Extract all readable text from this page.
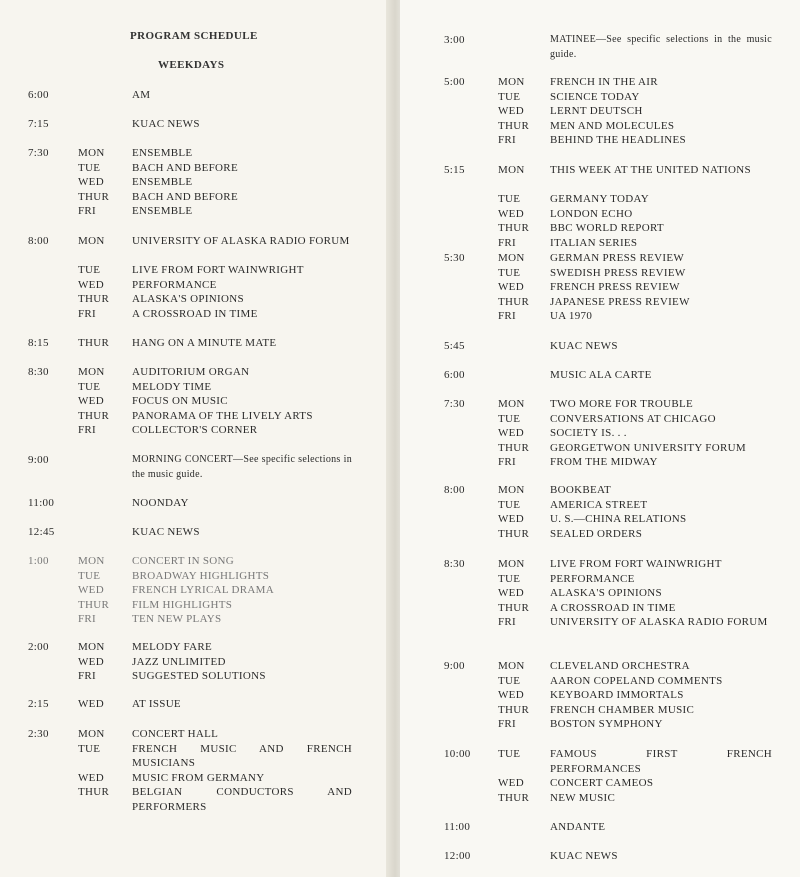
PROGRAM SCHEDULE
WEEKDAYS
6:00	AM
7:15	KUAC NEWS
7:30	MON ENSEMBLE
TUE	BACH AND BEFORE
WED	ENSEMBLE
THUR BACH AND BEFORE
FRI	ENSEMBLE
8:00	MON UNIVERSITY OF ALASKA RADIO FORUM
TUE	LIVE FROM FORT WAINWRIGHT
WED	PERFORMANCE
THUR ALASKA'S OPINIONS
FRI	A CROSSROAD IN TIME
8:15	THUR HANG ON A MINUTE MATE
8:30	MON AUDITORIUM ORGAN
TUE	MELODY TIME
WED	FOCUS ON MUSIC
THUR PANORAMA OF THE LIVELY ARTS
FRI	COLLECTOR'S CORNER
9:00	MORNING CONCERT—See specific selections in the music guide.
11:00	NOONDAY
12:45	KUAC NEWS
1:00	MON CONCERT IN SONG
TUE	BROADWAY HIGHLIGHTS
WED	FRENCH LYRICAL DRAMA
THUR FILM HIGHLIGHTS
FRI	TEN NEW PLAYS
2:00	MON MELODY FARE
WED	JAZZ UNLIMITED
FRI	SUGGESTED SOLUTIONS
2:15	WED	AT ISSUE
2:30	MON CONCERT HALL
TUE	FRENCH MUSIC AND FRENCH MUSICIANS
WED	MUSIC FROM GERMANY
THUR BELGIAN CONDUCTORS AND PERFORMERS
3:00	MATINEE—See specific selections in the music guide.
5:00	MON FRENCH IN THE AIR
TUE	SCIENCE TODAY
WED LERNT DEUTSCH
THUR MEN AND MOLECULES
FRI	BEHIND THE HEADLINES
5:15	MON THIS WEEK AT THE UNITED NATIONS
TUE	GERMANY TODAY
WED LONDON ECHO
THUR BBC WORLD REPORT
FRI	ITALIAN SERIES
5:30	MON GERMAN PRESS REVIEW
TUE	SWEDISH PRESS REVIEW
WED FRENCH PRESS REVIEW
THUR JAPANESE PRESS REVIEW
FRI	UA 1970
5:45	KUAC NEWS
6:00	MUSIC ALA CARTE
7:30	MON TWO MORE FOR TROUBLE
TUE	CONVERSATIONS AT CHICAGO
WED SOCIETY IS. . .
THUR GEORGETWON UNIVERSITY FORUM
FRI	FROM THE MIDWAY
8:00	MON BOOKBEAT
TUE	AMERICA STREET
WED U. S.—CHINA RELATIONS
THUR SEALED ORDERS
8:30	MON LIVE FROM FORT WAINWRIGHT
TUE	PERFORMANCE
WED ALASKA'S OPINIONS
THUR A CROSSROAD IN TIME
FRI	UNIVERSITY OF ALASKA RADIO FORUM
9:00	MON CLEVELAND ORCHESTRA
TUE	AARON COPELAND COMMENTS
WED KEYBOARD IMMORTALS
THUR FRENCH CHAMBER MUSIC
FRI	BOSTON SYMPHONY
10:00 TUE	FAMOUS FIRST FRENCH PERFORMANCES
WED CONCERT CAMEOS
THUR NEW MUSIC
11:00	ANDANTE
12:00	KUAC NEWS
